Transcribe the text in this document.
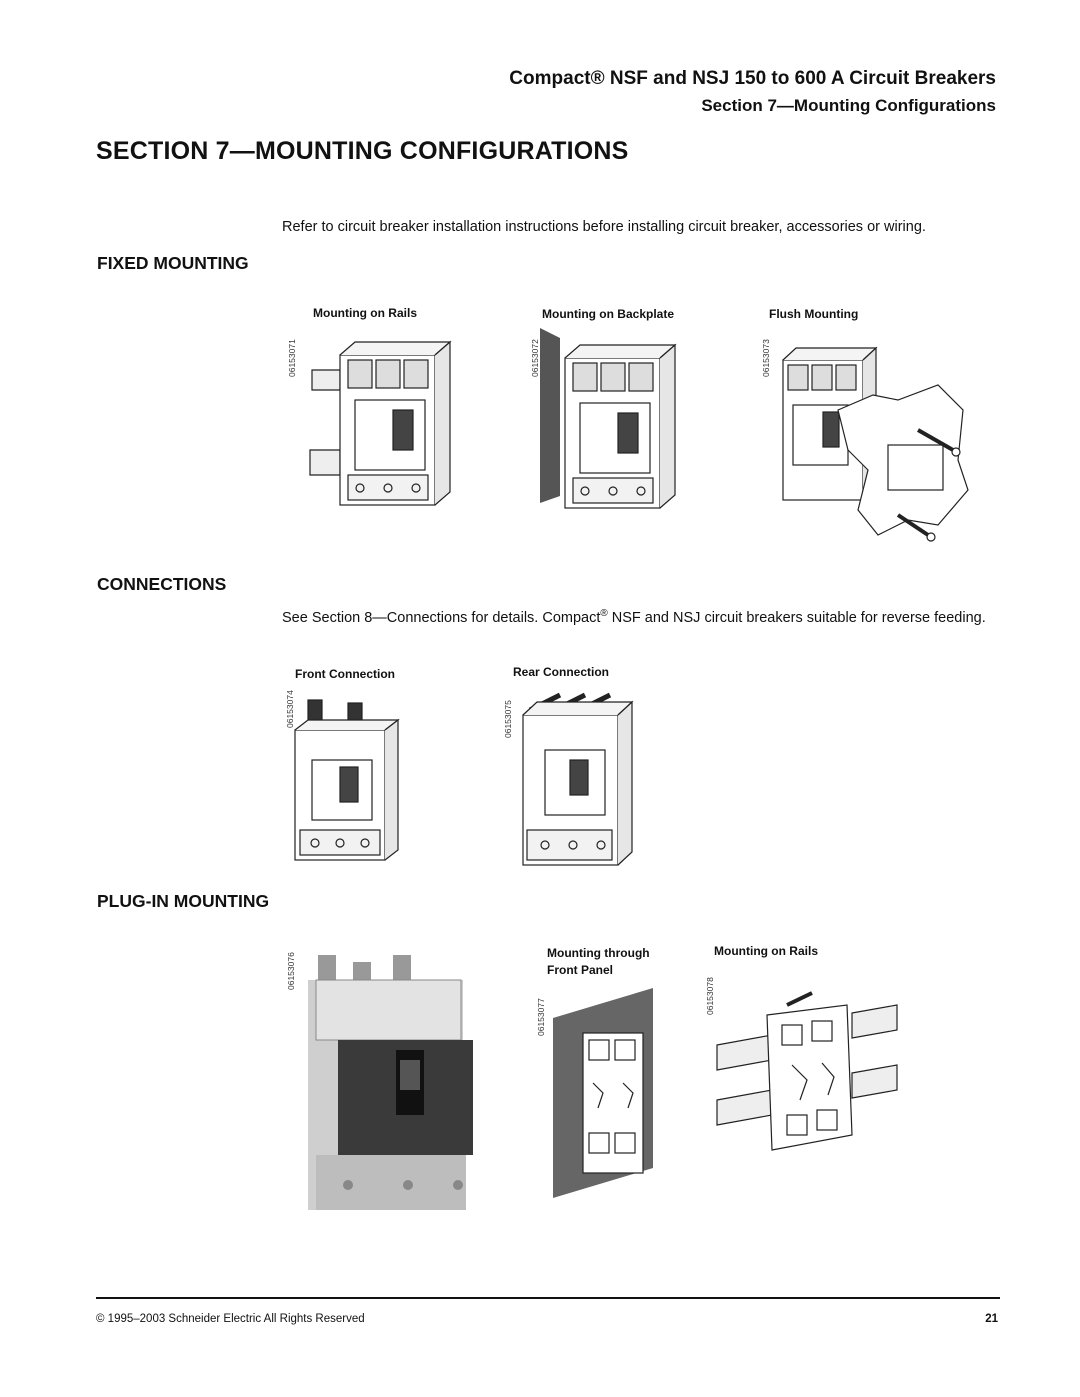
Compact® NSF and NSJ 150 to 600 A Circuit Breakers
Section 7—Mounting Configurations
SECTION 7—MOUNTING CONFIGURATIONS
Refer to circuit breaker installation instructions before installing circuit breaker, accessories or wiring.
FIXED MOUNTING
Mounting on Rails	Mounting on Backplate	Flush Mounting
06153071	06153072	06153073
CONNECTIONS
See Section 8—Connections for details. Compact® NSF and NSJ circuit breakers suitable for reverse feeding.
Front Connection	Rear Connection
06153074	06153075
PLUG-IN MOUNTING
06153076
06153077
06153078
Mounting through
Front Panel
Mounting on Rails
© 1995–2003 Schneider Electric All Rights Reserved	21
